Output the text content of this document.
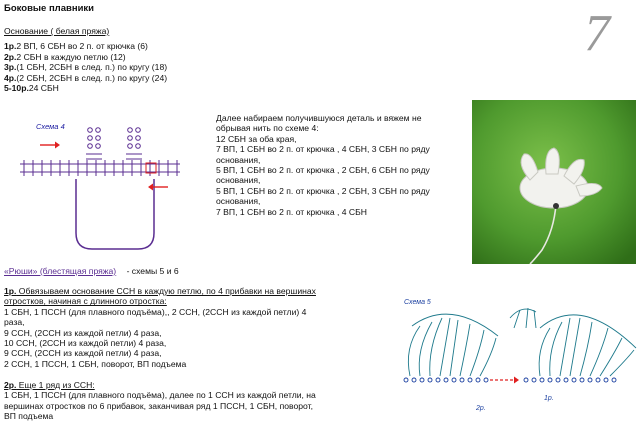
Боковые плавники	7
Основание ( белая пряжа)
1р.2 ВП, 6 СБН во 2 п. от крючка (6)
2р.2 СБН в каждую петлю (12)
3р.(1 СБН, 2СБН в след. п.) по кругу (18)
4р.(2 СБН, 2СБН в след. п.) по кругу (24)
5-10р.24 СБН
Схема 4
Далее набираем получившуюся деталь и вяжем не
обрывая нить по схеме 4:
12 СБН за оба края,
7 ВП, 1 СБН во 2 п. от крючка , 4 СБН, 3 СБН по ряду
основания,
5 ВП, 1 СБН во 2 п. от крючка , 2 СБН, 6 СБН по ряду
основания,
5 ВП, 1 СБН во 2 п. от крючка , 2 СБН, 3 СБН по ряду
основания,
7 ВП, 1 СБН во 2 п. от крючка , 4 СБН
«Рюши» (блестящая пряжа) - схемы 5 и 6
1р. Обвязываем основание ССН в каждую петлю, по 4 прибавки на вершинах
отростков, начиная с длинного отростка:
1 СБН, 1 ПССН (для плавного подъёма),, 2 ССН, (2ССН из каждой петли) 4
раза,
9 ССН, (2ССН из каждой петли) 4 раза,
10 ССН, (2ССН из каждой петли) 4 раза,
9 ССН, (2ССН из каждой петли) 4 раза,
2 ССН, 1 ПССН, 1 СБН, поворот, ВП подъема
2р. Еще 1 ряд из ССН:
1 СБН, 1 ПССН (для плавного подъёма), далее по 1 ССН из каждой петли, на
вершинах отростков по 6 прибавок, заканчивая ряд 1 ПССН, 1 СБН, поворот,
ВП подъема
Схема 5
2р.
1р.
